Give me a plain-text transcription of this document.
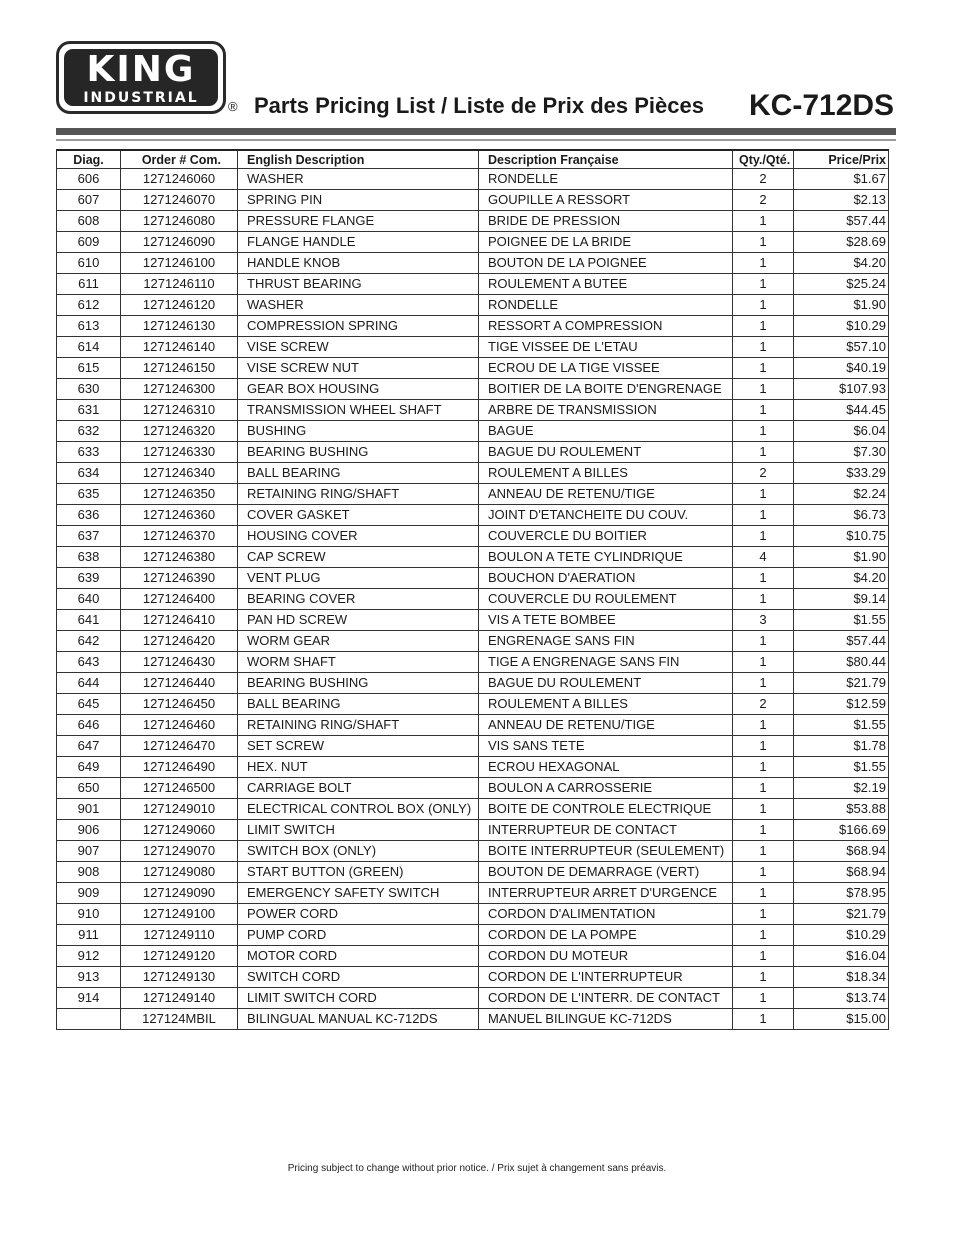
KING
INDUSTRIAL
® Parts Pricing List / Liste de Prix des Pièces KC-712DS
Diag.	Order # Com.	English Description	Description Française	Qty./Qté.	Price/Prix
606	1271246060	WASHER	RONDELLE	2	$1.67
607	1271246070	SPRING PIN	GOUPILLE A RESSORT	2	$2.13
608	1271246080	PRESSURE FLANGE	BRIDE DE PRESSION	1	$57.44
609	1271246090	FLANGE HANDLE	POIGNEE DE LA BRIDE	1	$28.69
610	1271246100	HANDLE KNOB	BOUTON DE LA POIGNEE	1	$4.20
611	1271246110	THRUST BEARING	ROULEMENT A BUTEE	1	$25.24
612	1271246120	WASHER	RONDELLE	1	$1.90
613	1271246130	COMPRESSION SPRING	RESSORT A COMPRESSION	1	$10.29
614	1271246140	VISE SCREW	TIGE VISSEE DE L'ETAU	1	$57.10
615	1271246150	VISE SCREW NUT	ECROU DE LA TIGE VISSEE	1	$40.19
630	1271246300	GEAR BOX HOUSING	BOITIER DE LA BOITE D'ENGRENAGE	1	$107.93
631	1271246310	TRANSMISSION WHEEL SHAFT	ARBRE DE TRANSMISSION	1	$44.45
632	1271246320	BUSHING	BAGUE	1	$6.04
633	1271246330	BEARING BUSHING	BAGUE DU ROULEMENT	1	$7.30
634	1271246340	BALL BEARING	ROULEMENT A BILLES	2	$33.29
635	1271246350	RETAINING RING/SHAFT	ANNEAU DE RETENU/TIGE	1	$2.24
636	1271246360	COVER GASKET	JOINT D'ETANCHEITE DU COUV.	1	$6.73
637	1271246370	HOUSING COVER	COUVERCLE DU BOITIER	1	$10.75
638	1271246380	CAP SCREW	BOULON A TETE CYLINDRIQUE	4	$1.90
639	1271246390	VENT PLUG	BOUCHON D'AERATION	1	$4.20
640	1271246400	BEARING COVER	COUVERCLE DU ROULEMENT	1	$9.14
641	1271246410	PAN HD SCREW	VIS A TETE BOMBEE	3	$1.55
642	1271246420	WORM GEAR	ENGRENAGE SANS FIN	1	$57.44
643	1271246430	WORM SHAFT	TIGE A ENGRENAGE SANS FIN	1	$80.44
644	1271246440	BEARING BUSHING	BAGUE DU ROULEMENT	1	$21.79
645	1271246450	BALL BEARING	ROULEMENT A BILLES	2	$12.59
646	1271246460	RETAINING RING/SHAFT	ANNEAU DE RETENU/TIGE	1	$1.55
647	1271246470	SET SCREW	VIS SANS TETE	1	$1.78
649	1271246490	HEX. NUT	ECROU HEXAGONAL	1	$1.55
650	1271246500	CARRIAGE BOLT	BOULON A CARROSSERIE	1	$2.19
901	1271249010	ELECTRICAL CONTROL BOX (ONLY)	BOITE DE CONTROLE ELECTRIQUE	1	$53.88
906	1271249060	LIMIT SWITCH	INTERRUPTEUR DE CONTACT	1	$166.69
907	1271249070	SWITCH BOX (ONLY)	BOITE INTERRUPTEUR (SEULEMENT)	1	$68.94
908	1271249080	START BUTTON (GREEN)	BOUTON DE DEMARRAGE (VERT)	1	$68.94
909	1271249090	EMERGENCY SAFETY SWITCH	INTERRUPTEUR ARRET D'URGENCE	1	$78.95
910	1271249100	POWER CORD	CORDON D'ALIMENTATION	1	$21.79
911	1271249110	PUMP CORD	CORDON DE LA POMPE	1	$10.29
912	1271249120	MOTOR CORD	CORDON DU MOTEUR	1	$16.04
913	1271249130	SWITCH CORD	CORDON DE L'INTERRUPTEUR	1	$18.34
914	1271249140	LIMIT SWITCH CORD	CORDON DE L'INTERR. DE CONTACT	1	$13.74
	127124MBIL	BILINGUAL MANUAL KC-712DS	MANUEL BILINGUE KC-712DS	1	$15.00
Pricing subject to change without prior notice. / Prix sujet à changement sans préavis.
